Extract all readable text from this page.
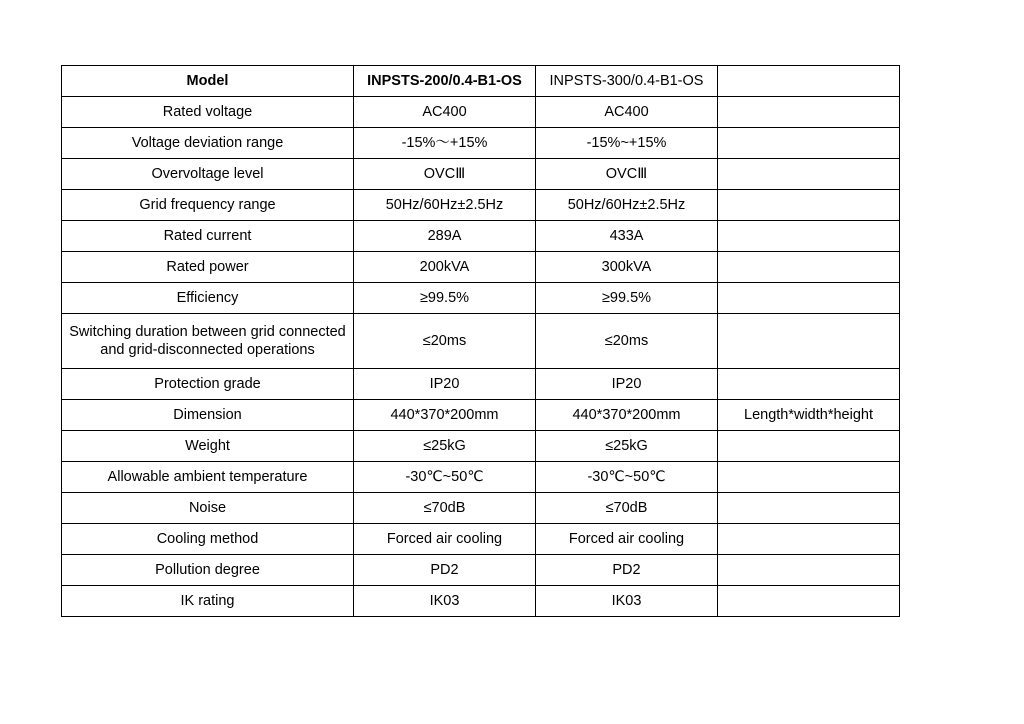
Model	INPSTS-200/0.4-B1-OS	INPSTS-300/0.4-B1-OS	
Rated voltage	AC400	AC400	
Voltage deviation range	-15%～+15%	-15%~+15%	
Overvoltage level	OVCⅢ	OVCⅢ	
Grid frequency range	50Hz/60Hz±2.5Hz	50Hz/60Hz±2.5Hz	
Rated current	289A	433A	
Rated power	200kVA	300kVA	
Efficiency	≥99.5%	≥99.5%	
Switching duration between grid connected and grid-disconnected operations	≤20ms	≤20ms	
Protection grade	IP20	IP20	
Dimension	440*370*200mm	440*370*200mm	Length*width*height
Weight	≤25kG	≤25kG	
Allowable ambient temperature	-30℃~50℃	-30℃~50℃	
Noise	≤70dB	≤70dB	
Cooling method	Forced air cooling	Forced air cooling	
Pollution degree	PD2	PD2	
IK rating	IK03	IK03	
